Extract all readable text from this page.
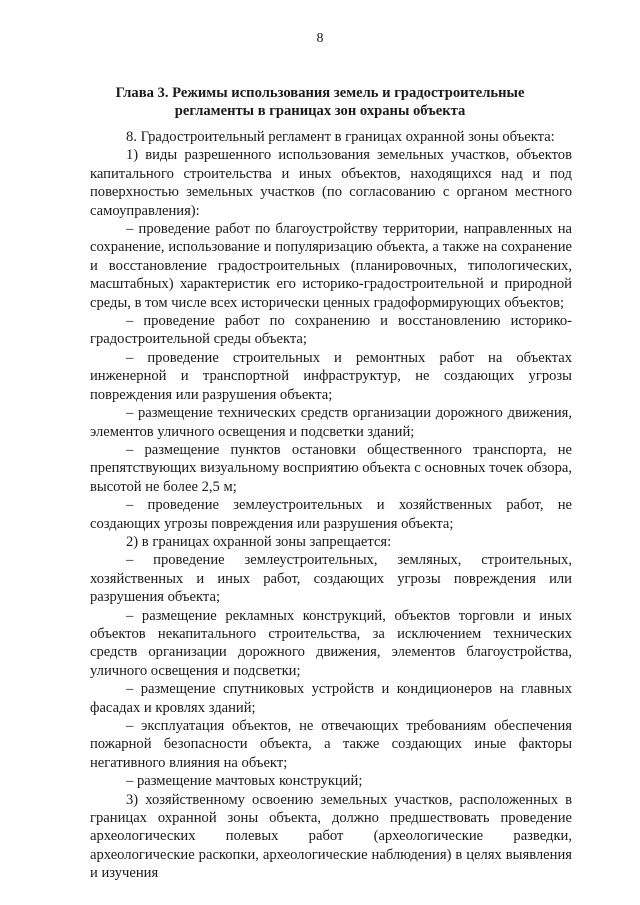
8
Глава 3. Режимы использования земель и градостроительные
регламенты в границах зон охраны объекта

8. Градостроительный регламент в границах охранной зоны объекта:

1) виды разрешенного использования земельных участков, объектов капитального строительства и иных объектов, находящихся над и под поверхностью земельных участков (по согласованию с органом местного самоуправления):

– проведение работ по благоустройству территории, направленных на сохранение, использование и популяризацию объекта, а также на сохранение и восстановление градостроительных (планировочных, типологических, масштабных) характеристик его историко-градостроительной и природной среды, в том числе всех исторически ценных градоформирующих объектов;

– проведение работ по сохранению и восстановлению историко-градостроительной среды объекта;

– проведение строительных и ремонтных работ на объектах инженерной и транспортной инфраструктур, не создающих угрозы повреждения или разрушения объекта;

– размещение технических средств организации дорожного движения, элементов уличного освещения и подсветки зданий;

– размещение пунктов остановки общественного транспорта, не препятствующих визуальному восприятию объекта с основных точек обзора, высотой не более 2,5 м;

– проведение землеустроительных и хозяйственных работ, не создающих угрозы повреждения или разрушения объекта;

2) в границах охранной зоны запрещается:

– проведение землеустроительных, земляных, строительных, хозяйственных и иных работ, создающих угрозы повреждения или разрушения объекта;

– размещение рекламных конструкций, объектов торговли и иных объектов некапитального строительства, за исключением технических средств организации дорожного движения, элементов благоустройства, уличного освещения и подсветки;

– размещение спутниковых устройств и кондиционеров на главных фасадах и кровлях зданий;

– эксплуатация объектов, не отвечающих требованиям обеспечения пожарной безопасности объекта, а также создающих иные факторы негативного влияния на объект;

– размещение мачтовых конструкций;

3) хозяйственному освоению земельных участков, расположенных в границах охранной зоны объекта, должно предшествовать проведение археологических полевых работ (археологические разведки, археологические раскопки, археологические наблюдения) в целях выявления и изучения
